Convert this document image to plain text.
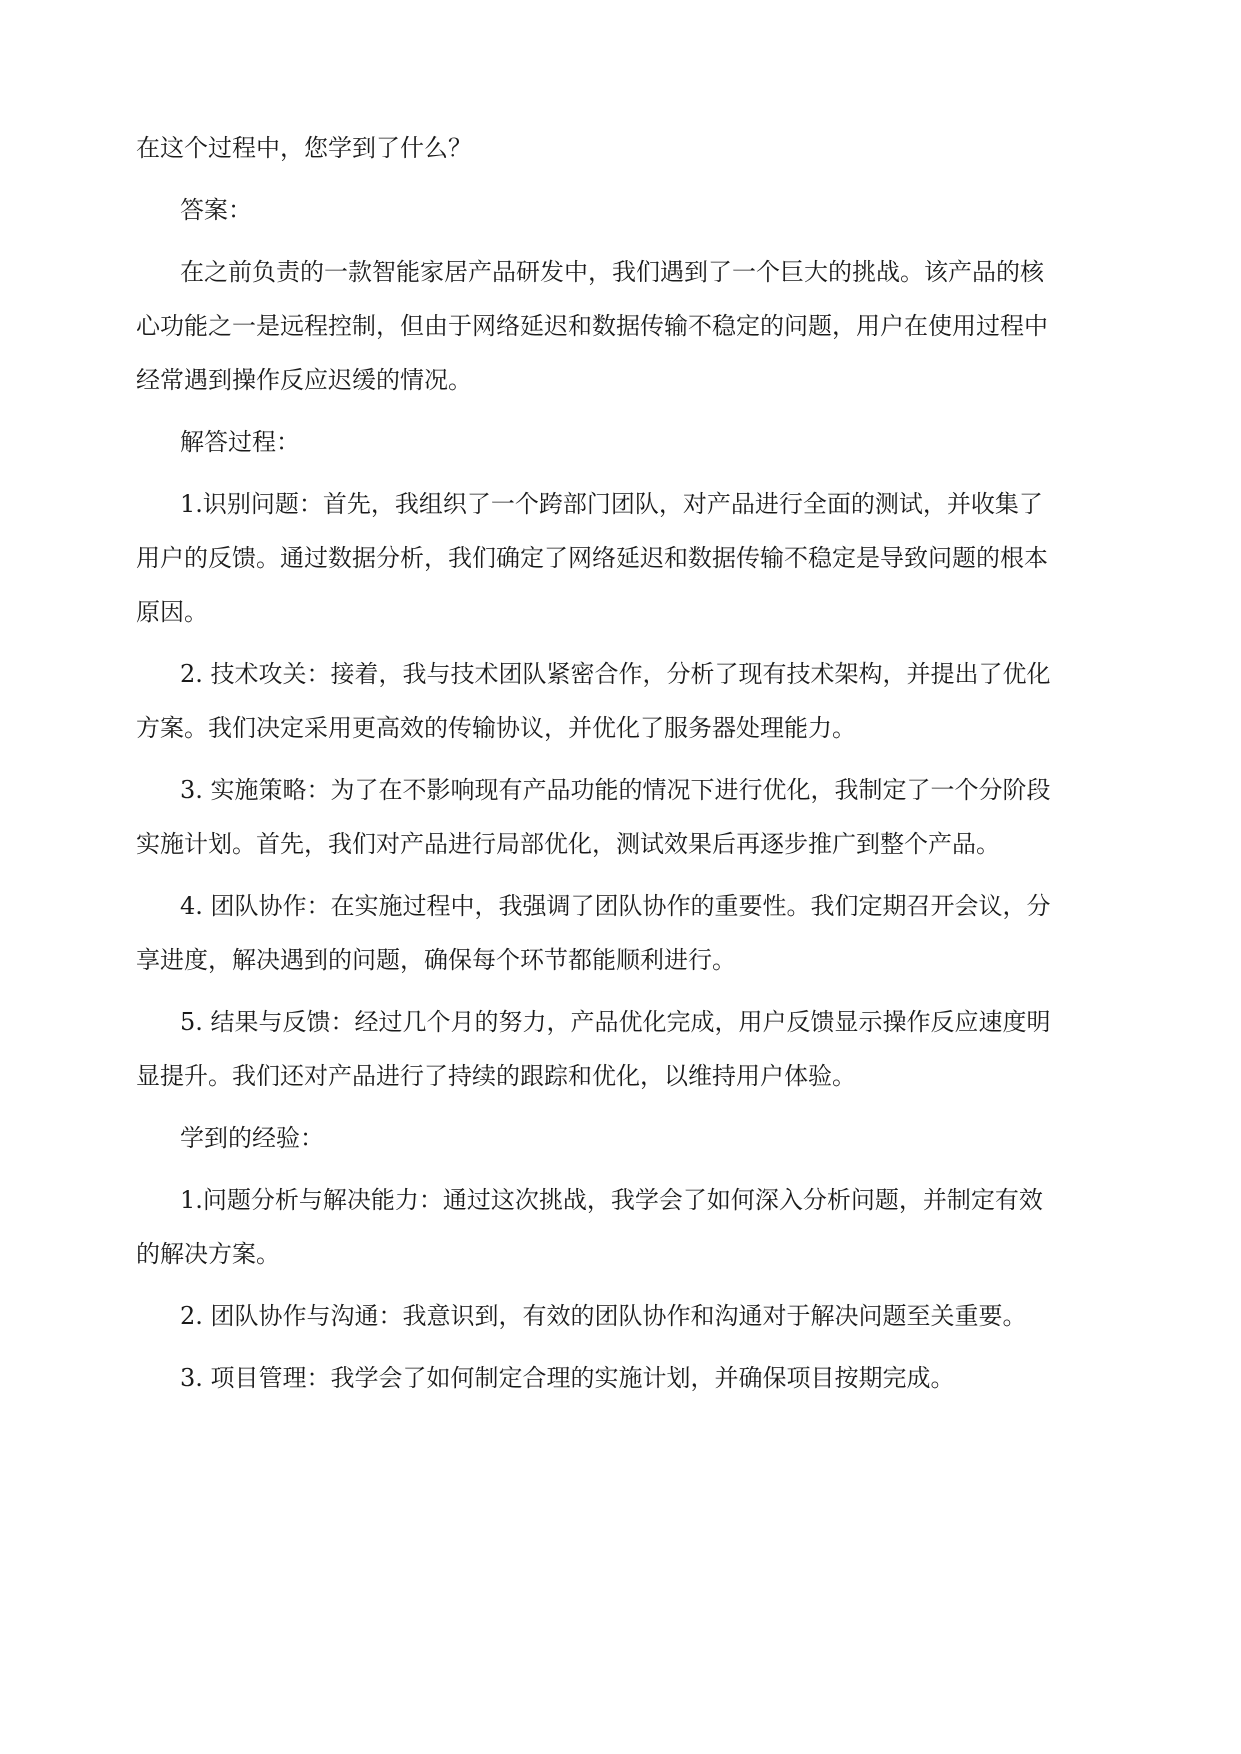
在这个过程中，您学到了什么？
答案：
在之前负责的一款智能家居产品研发中，我们遇到了一个巨大的挑战。该产品的核
心功能之一是远程控制，但由于网络延迟和数据传输不稳定的问题，用户在使用过程中
经常遇到操作反应迟缓的情况。
解答过程：
1.识别问题：首先，我组织了一个跨部门团队，对产品进行全面的测试，并收集了
用户的反馈。通过数据分析，我们确定了网络延迟和数据传输不稳定是导致问题的根本
原因。
2. 技术攻关：接着，我与技术团队紧密合作，分析了现有技术架构，并提出了优化
方案。我们决定采用更高效的传输协议，并优化了服务器处理能力。
3. 实施策略：为了在不影响现有产品功能的情况下进行优化，我制定了一个分阶段
实施计划。首先，我们对产品进行局部优化，测试效果后再逐步推广到整个产品。
4. 团队协作：在实施过程中，我强调了团队协作的重要性。我们定期召开会议，分
享进度，解决遇到的问题，确保每个环节都能顺利进行。
5. 结果与反馈：经过几个月的努力，产品优化完成，用户反馈显示操作反应速度明
显提升。我们还对产品进行了持续的跟踪和优化，以维持用户体验。
学到的经验：
1.问题分析与解决能力：通过这次挑战，我学会了如何深入分析问题，并制定有效
的解决方案。
2. 团队协作与沟通：我意识到，有效的团队协作和沟通对于解决问题至关重要。
3. 项目管理：我学会了如何制定合理的实施计划，并确保项目按期完成。
